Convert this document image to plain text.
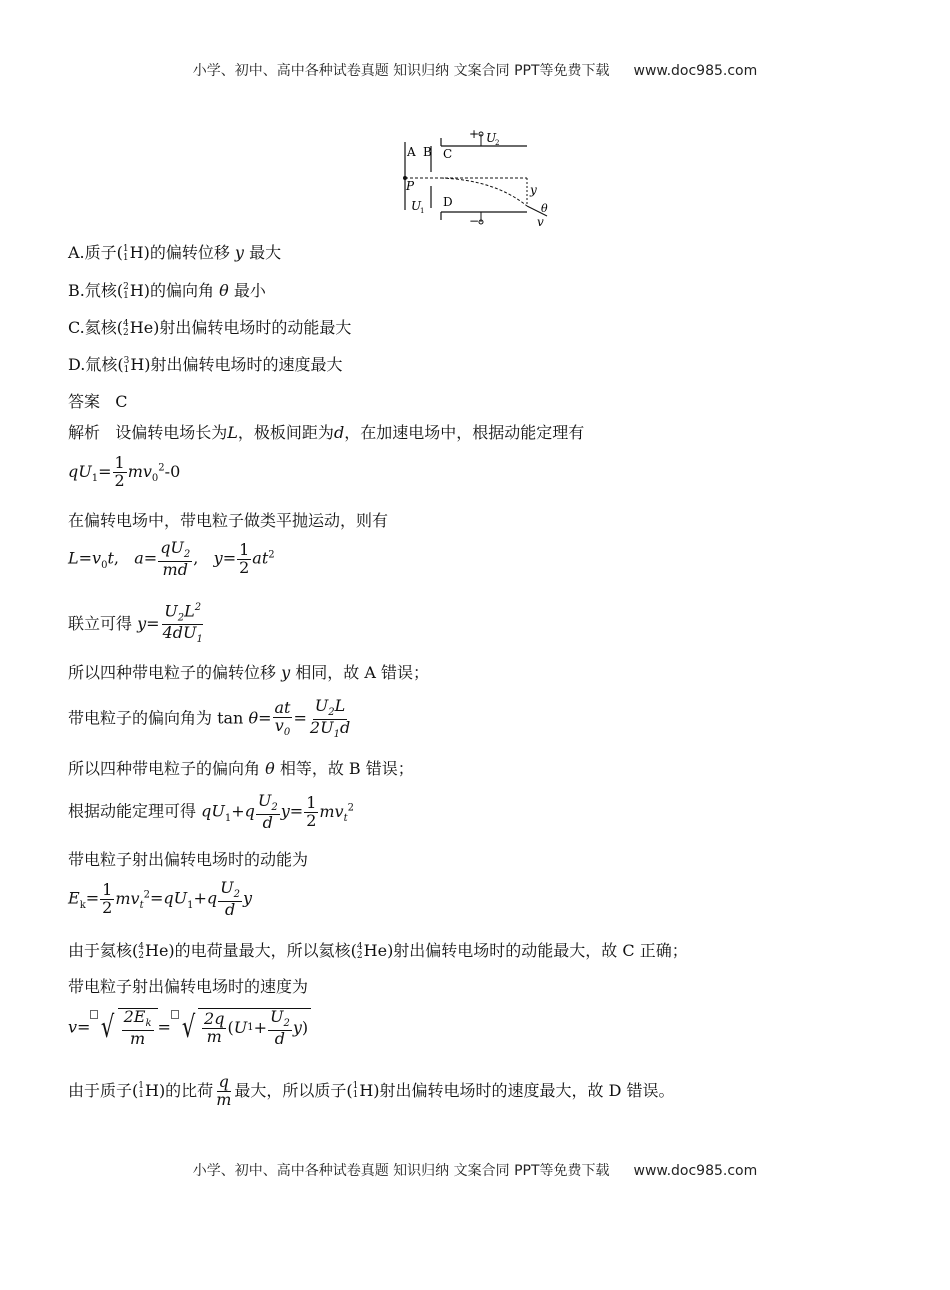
小学、初中、高中各种试卷真题 知识归纳 文案合同 PPT等免费下载 www.doc985.com
A B C
D
P
U
1
+ U
2
−
y
θ
v
A.质子( 1
1 H)的偏转位移 y 最大
B.氘核( 2
1 H)的偏向角 θ 最小
C.氦核( 4
2 He)射出偏转电场时的动能最大
D.氚核( 3
1 H)射出偏转电场时的速度最大
答案 C
解析 设偏转电场长为L，极板间距为d，在加速电场中，根据动能定理有
$qU_1= \frac{1}{2} mv_0^2-0$
在偏转电场中，带电粒子做类平抛运动，则有
$L=v_0t$,   $a= \frac{qU_2}{md}$ ,   $y= \frac{1}{2} at^2$
联立可得 $y= \frac{U_2L^2}{4dU_1}$
所以四种带电粒子的偏转位移 y 相同，故 A 错误；
带电粒子的偏向角为 $\tan \theta= \frac{at}{v_0} = \frac{U_2L}{2U_1d}$
所以四种带电粒子的偏向角 θ 相等，故 B 错误；
根据动能定理可得 $qU_1+q \frac{U_2}{d} y= \frac{1}{2} mv_t^2$
带电粒子射出偏转电场时的动能为
$E_k= \frac{1}{2} mv_t^2=qU_1+q \frac{U_2}{d}$ y
由于氦核( 4
2 He)的电荷量最大，所以氦核( 4
2 He)射出偏转电场时的动能最大，故 C 正确；
带电粒子射出偏转电场时的速度为
v= √ $\frac{2E_k}{m}$ = √ $\frac{2q}{m}$ ( U $1 + \frac{U_2}{d}$ y )
由于质子( 1
1 H)的比荷 $\frac{q}{m}$ 最大，所以质子( 1
1 H)射出偏转电场时的速度最大，故 D 错误。
小学、初中、高中各种试卷真题 知识归纳 文案合同 PPT等免费下载 www.doc985.com
